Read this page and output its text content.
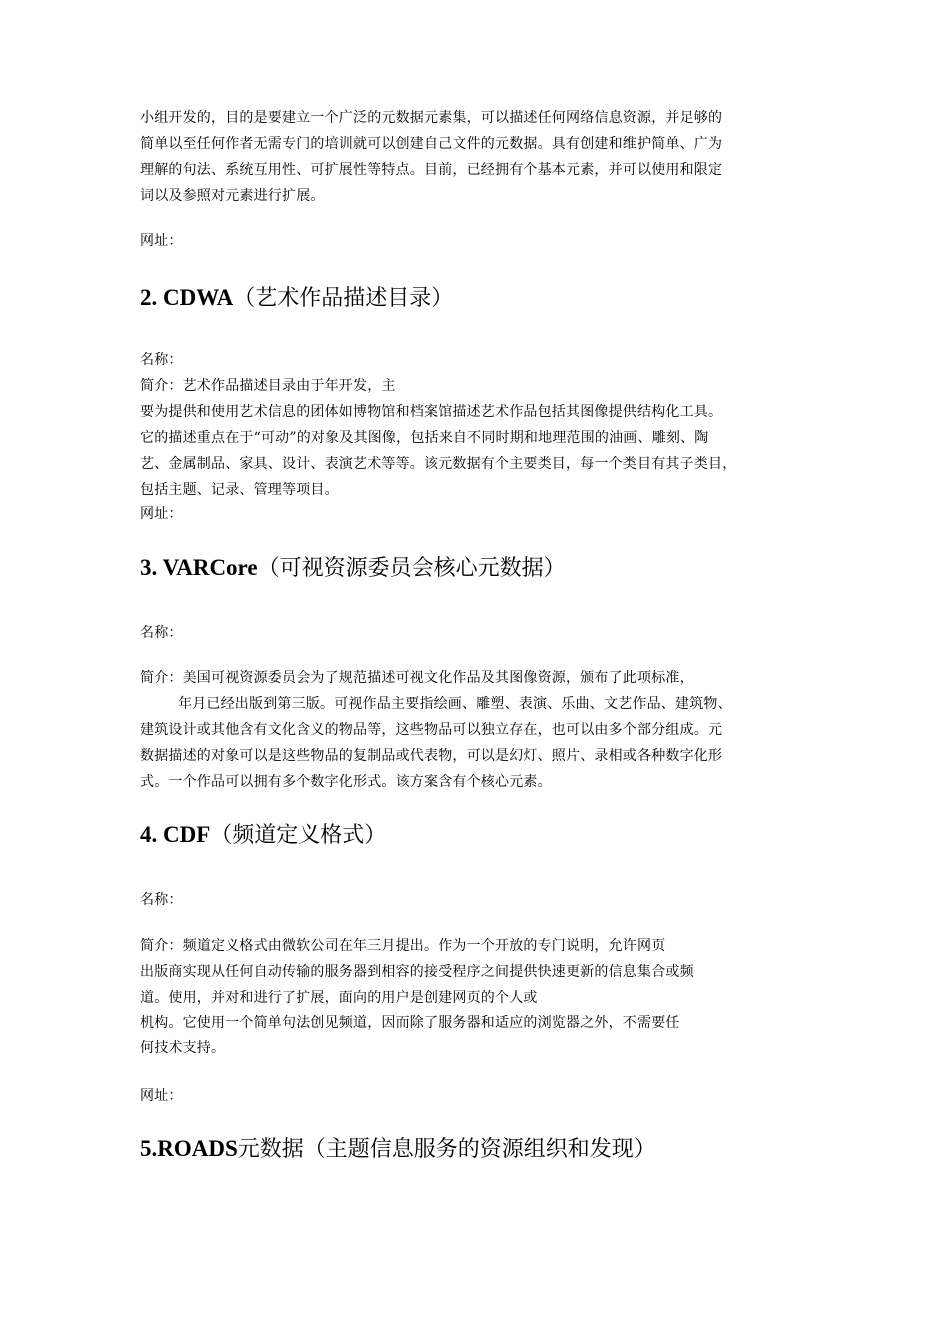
小组开发的，目的是要建立一个广泛的元数据元素集，可以描述任何网络信息资源，并足够的
简单以至任何作者无需专门的培训就可以创建自己文件的元数据。具有创建和维护简单、广为
理解的句法、系统互用性、可扩展性等特点。目前，已经拥有个基本元素，并可以使用和限定
词以及参照对元素进行扩展。
网址：
2. CDWA（艺术作品描述目录）
名称：
简介：艺术作品描述目录由于年开发，主
要为提供和使用艺术信息的团体如博物馆和档案馆描述艺术作品包括其图像提供结构化工具。
它的描述重点在于“可动”的对象及其图像，包括来自不同时期和地理范围的油画、雕刻、陶
艺、金属制品、家具、设计、表演艺术等等。该元数据有个主要类目，每一个类目有其子类目，
包括主题、记录、管理等项目。
网址：
3. VARCore（可视资源委员会核心元数据）
名称：
简介：美国可视资源委员会为了规范描述可视文化作品及其图像资源，颁布了此项标准，
年月已经出版到第三版。可视作品主要指绘画、雕塑、表演、乐曲、文艺作品、建筑物、
建筑设计或其他含有文化含义的物品等，这些物品可以独立存在，也可以由多个部分组成。元
数据描述的对象可以是这些物品的复制品或代表物，可以是幻灯、照片、录相或各种数字化形
式。一个作品可以拥有多个数字化形式。该方案含有个核心元素。
4. CDF（频道定义格式）
名称：
简介：频道定义格式由微软公司在年三月提出。作为一个开放的专门说明，允许网页
出版商实现从任何自动传输的服务器到相容的接受程序之间提供快速更新的信息集合或频
道。使用，并对和进行了扩展，面向的用户是创建网页的个人或
机构。它使用一个简单句法创见频道，因而除了服务器和适应的浏览器之外，不需要任
何技术支持。
网址：
5.ROADS元数据（主题信息服务的资源组织和发现）
